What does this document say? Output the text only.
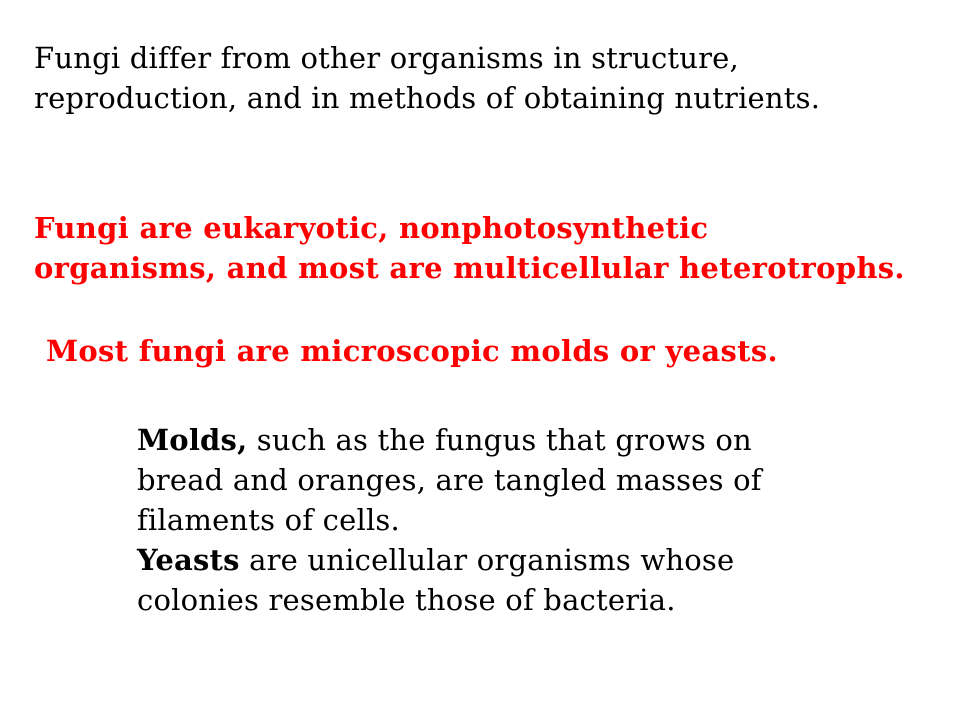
Fungi differ from other organisms in structure,
reproduction, and in methods of obtaining nutrients.
Fungi are eukaryotic, nonphotosynthetic
organisms, and most are multicellular heterotrophs.
Most fungi are microscopic molds or yeasts.
Molds, such as the fungus that grows on
bread and oranges, are tangled masses of
filaments of cells.
Yeasts are unicellular organisms whose
colonies resemble those of bacteria.
